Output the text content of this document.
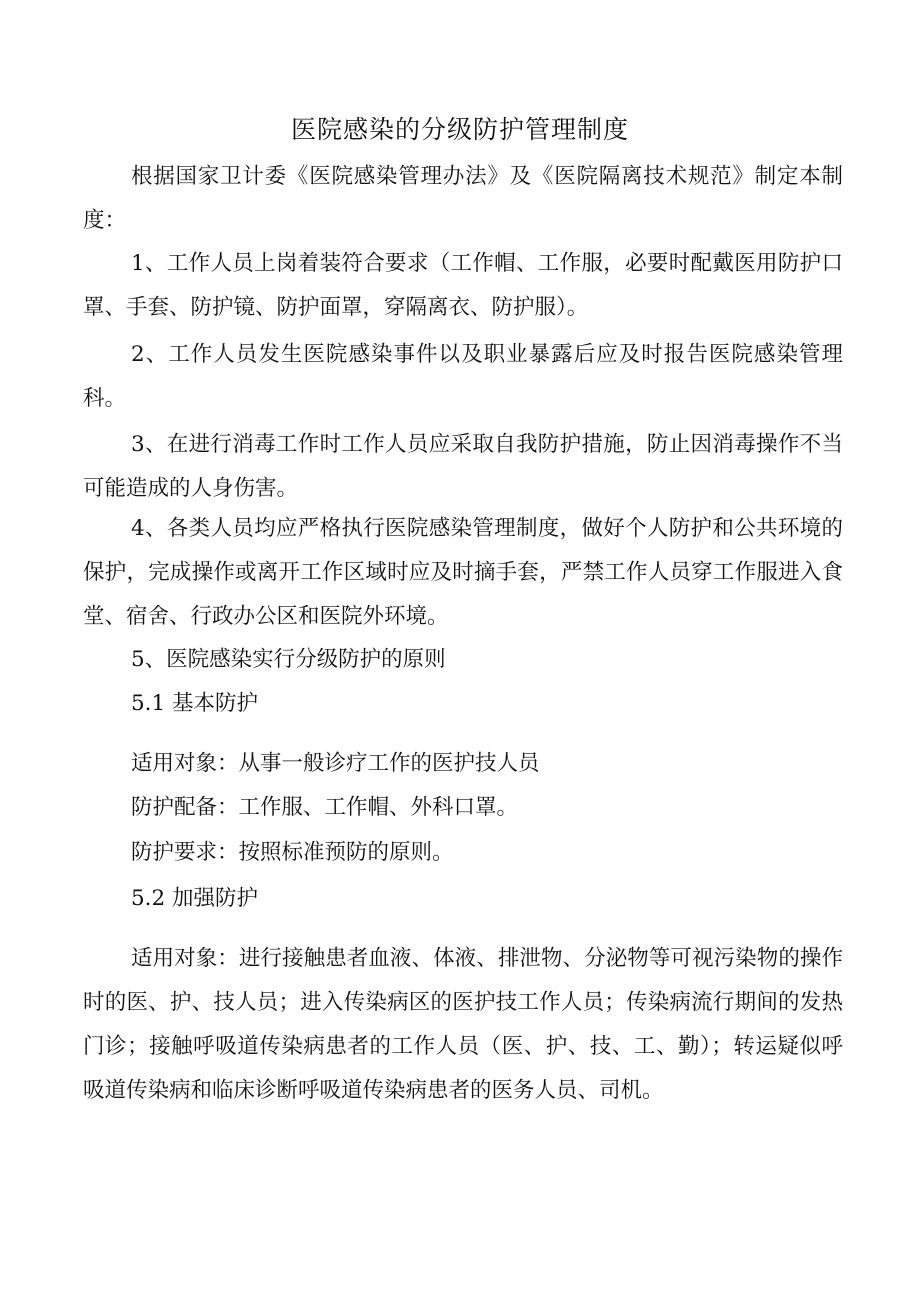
医院感染的分级防护管理制度

根据国家卫计委《医院感染管理办法》及《医院隔离技术规范》制定本制度：

1、工作人员上岗着装符合要求（工作帽、工作服，必要时配戴医用防护口罩、手套、防护镜、防护面罩，穿隔离衣、防护服）。

2、工作人员发生医院感染事件以及职业暴露后应及时报告医院感染管理科。

3、在进行消毒工作时工作人员应采取自我防护措施，防止因消毒操作不当可能造成的人身伤害。

4、各类人员均应严格执行医院感染管理制度，做好个人防护和公共环境的保护，完成操作或离开工作区域时应及时摘手套，严禁工作人员穿工作服进入食堂、宿舍、行政办公区和医院外环境。

5、医院感染实行分级防护的原则

5.1 基本防护

适用对象：从事一般诊疗工作的医护技人员

防护配备：工作服、工作帽、外科口罩。

防护要求：按照标准预防的原则。

5.2 加强防护

适用对象：进行接触患者血液、体液、排泄物、分泌物等可视污染物的操作时的医、护、技人员；进入传染病区的医护技工作人员；传染病流行期间的发热门诊；接触呼吸道传染病患者的工作人员（医、护、技、工、勤）；转运疑似呼吸道传染病和临床诊断呼吸道传染病患者的医务人员、司机。
